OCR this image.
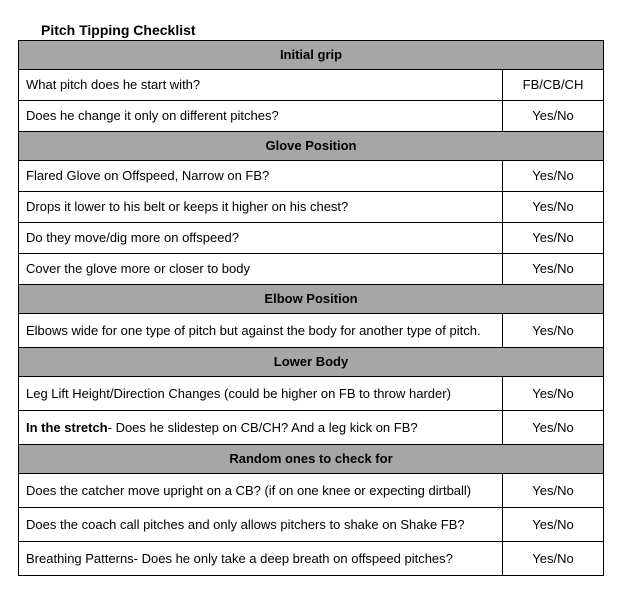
Pitch Tipping Checklist

Initial grip	
What pitch does he start with?	FB/CB/CH
Does he change it only on different pitches?	Yes/No
Glove Position	
Flared Glove on Offspeed, Narrow on FB?	Yes/No
Drops it lower to his belt or keeps it higher on his chest?	Yes/No
Do they move/dig more on offspeed?	Yes/No
Cover the glove more or closer to body	Yes/No
Elbow Position	
Elbows wide for one type of pitch but against the body for another type of pitch.	Yes/No
Lower Body	
Leg Lift Height/Direction Changes (could be higher on FB to throw harder)	Yes/No
In the stretch- Does he slidestep on CB/CH? And a leg kick on FB?	Yes/No
Random ones to check for	
Does the catcher move upright on a CB? (if on one knee or expecting dirtball)	Yes/No
Does the coach call pitches and only allows pitchers to shake on Shake FB?	Yes/No
Breathing Patterns- Does he only take a deep breath on offspeed pitches?	Yes/No
